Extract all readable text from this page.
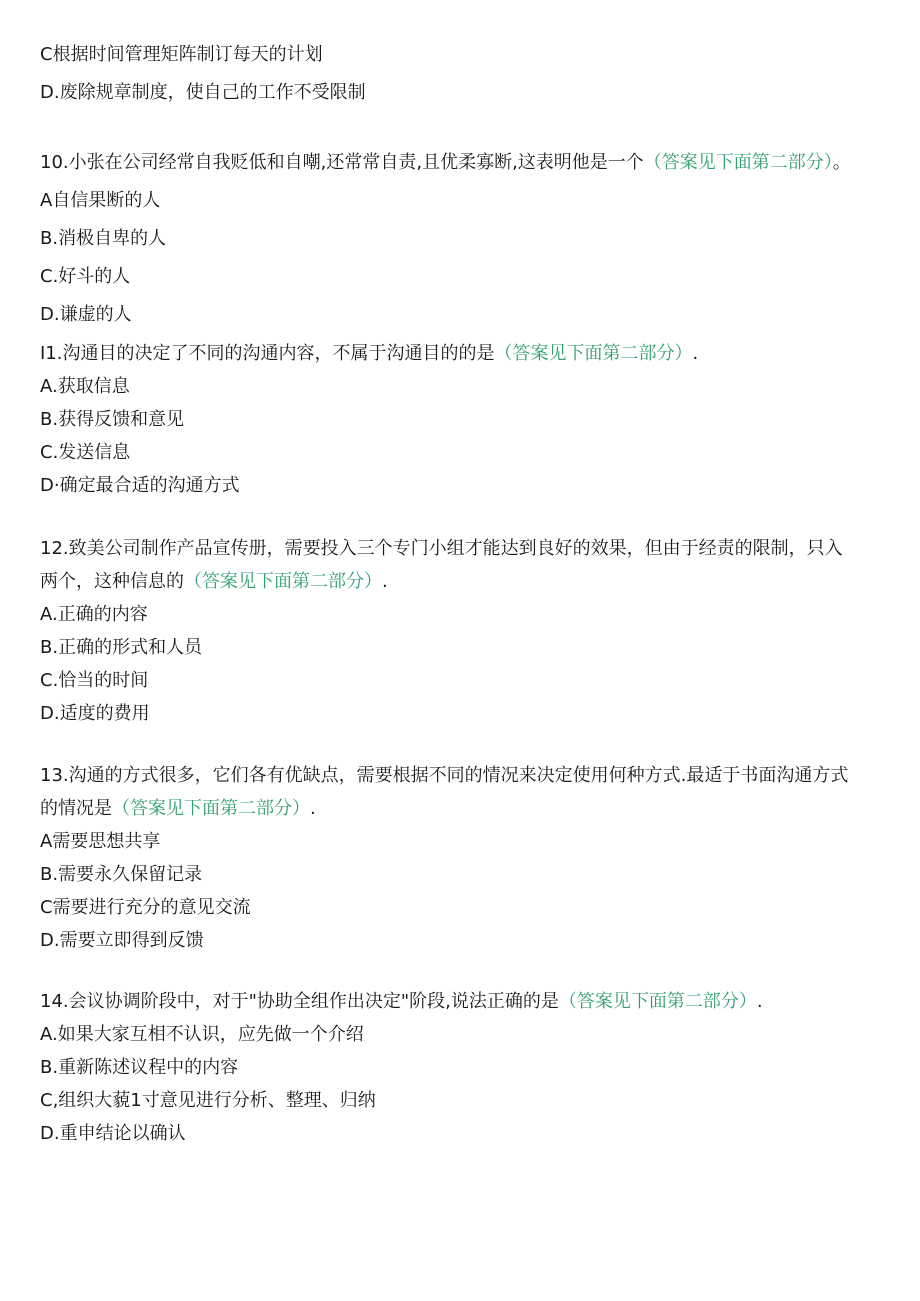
C根据时间管理矩阵制订每天的计划
D.废除规章制度，使自己的工作不受限制
10.小张在公司经常自我贬低和自嘲,还常常自责,且优柔寡断,这表明他是一个（答案见下面第二部分）。
A自信果断的人
B.消极自卑的人
C.好斗的人
D.谦虚的人
I1.沟通目的决定了不同的沟通内容，不属于沟通目的的是（答案见下面第二部分）.
A.获取信息
B.获得反馈和意见
C.发送信息
D·确定最合适的沟通方式
12.致美公司制作产品宣传册，需要投入三个专门小组才能达到良好的效果，但由于经责的限制，只入
两个，这种信息的（答案见下面第二部分）.
A.正确的内容
B.正确的形式和人员
C.恰当的时间
D.适度的费用
13.沟通的方式很多，它们各有优缺点，需要根据不同的情况来决定使用何种方式.最适于书面沟通方式
的情况是（答案见下面第二部分）.
A需要思想共享
B.需要永久保留记录
C需要进行充分的意见交流
D.需要立即得到反馈
14.会议协调阶段中，对于"协助全组作出决定"阶段,说法正确的是（答案见下面第二部分）.
A.如果大家互相不认识，应先做一个介绍
B.重新陈述议程中的内容
C,组织大藐1寸意见进行分析、整理、归纳
D.重申结论以确认
